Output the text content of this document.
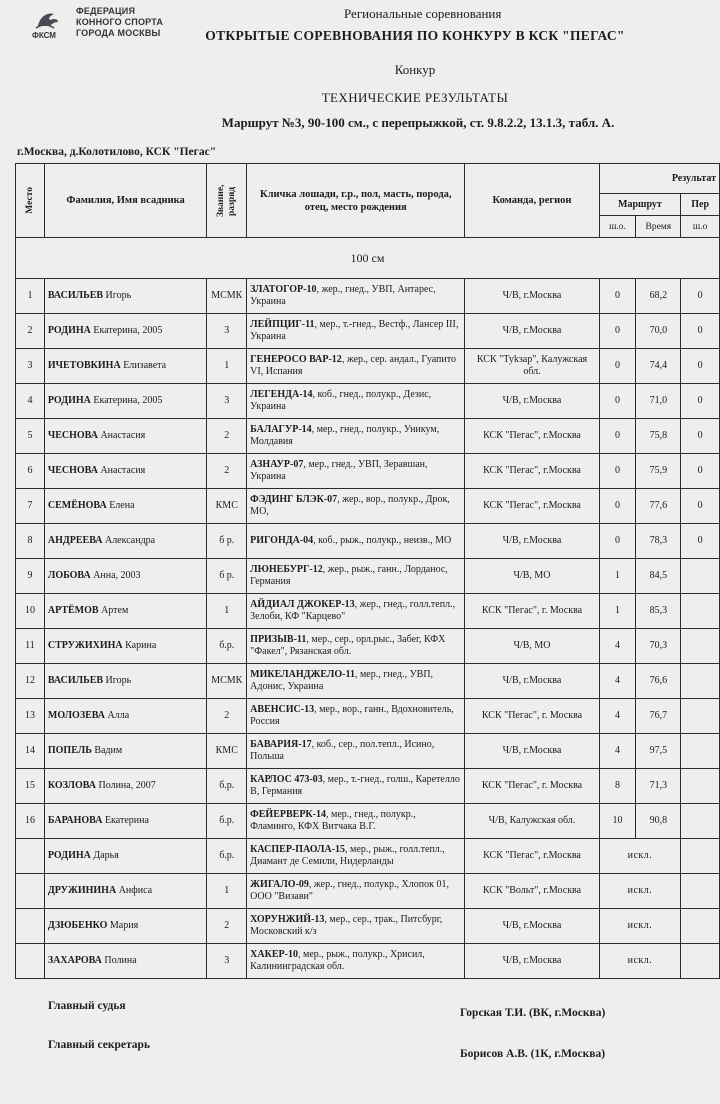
ФКСМ
ФЕДЕРАЦИЯ
КОННОГО СПОРТА
ГОРОДА МОСКВЫ
Региональные соревнования
ОТКРЫТЫЕ СОРЕВНОВАНИЯ ПО КОНКУРУ В КСК "ПЕГАС"
Конкур
ТЕХНИЧЕСКИЕ РЕЗУЛЬТАТЫ
Маршрут №3, 90-100 см., с перепрыжкой, ст. 9.8.2.2, 13.1.3, табл. А.
г.Москва, д.Колотилово, КСК "Пегас"
Место	Фамилия, Имя всадника	Звание, разряд	Кличка лошади, г.р., пол, масть, порода, отец, место рождения	Команда, регион	Результат		
					Маршрут		Пер
					ш.о.	Время	ш.о
100 см							
1	ВАСИЛЬЕВ Игорь	МСМК	ЗЛАТОГОР-10, жер., гнед., УВП, Антарес, Украина	Ч/В, г.Москва	0	68,2	0
2	РОДИНА Екатерина, 2005	3	ЛЕЙПЦИГ-11, мер., т.-гнед., Вестф., Лансер III, Украина	Ч/В, г.Москва	0	70,0	0
3	ИЧЕТОВКИНА Елизавета	1	ГЕНЕРОСО ВАР-12, жер., сер. андал., Гуапито VI, Испания	КСК "Туkзар", Калужская обл.	0	74,4	0
4	РОДИНА Екатерина, 2005	3	ЛЕГЕНДА-14, коб., гнед., полукр., Дезис, Украина	Ч/В, г.Москва	0	71,0	0
5	ЧЕСНОВА Анастасия	2	БАЛАГУР-14, мер., гнед., полукр., Уникум, Молдавия	КСК "Пегас", г.Москва	0	75,8	0
6	ЧЕСНОВА Анастасия	2	АЗНАУР-07, мер., гнед., УВП, Зеравшан, Украина	КСК "Пегас", г.Москва	0	75,9	0
7	СЕМЁНОВА Елена	КМС	ФЭДИНГ БЛЭК-07, жер., вор., полукр., Дрок, МО,	КСК "Пегас", г.Москва	0	77,6	0
8	АНДРЕЕВА Александра	б р.	РИГОНДА-04, коб., рыж., полукр., неизв., МО	Ч/В, г.Москва	0	78,3	0
9	ЛОБОВА Анна, 2003	б р.	ЛЮНЕБУРГ-12, жер., рыж., ганн., Лорданос, Германия	Ч/В, МО	1	84,5	
10	АРТЁМОВ Артем	1	АЙДИАЛ ДЖОКЕР-13, жер., гнед., голл.тепл., Зелоби, КФ "Карцево"	КСК "Пегас", г. Москва	1	85,3	
11	СТРУЖИХИНА Карина	б.р.	ПРИЗЫВ-11, мер., сер., орл.рыс., Забег, КФХ "Факел", Рязанская обл.	Ч/В, МО	4	70,3	
12	ВАСИЛЬЕВ Игорь	МСМК	МИКЕЛАНДЖЕЛО-11, мер., гнед., УВП, Адонис, Украина	Ч/В, г.Москва	4	76,6	
13	МОЛОЗЕВА Алла	2	АВЕНСИС-13, мер., вор., ганн., Вдохновитель, Россия	КСК "Пегас", г. Москва	4	76,7	
14	ПОПЕЛЬ Вадим	КМС	БАВАРИЯ-17, коб., сер., пол.тепл., Исино, Польша	Ч/В, г.Москва	4	97,5	
15	КОЗЛОВА Полина, 2007	б.р.	КАРЛОС 473-03, мер., т.-гнед., голш., Каретелло В, Германия	КСК "Пегас", г. Москва	8	71,3	
16	БАРАНОВА Екатерина	б.р.	ФЕЙЕРВЕРК-14, мер., гнед., полукр., Фламинго, КФХ Витчака В.Г.	Ч/В, Калужская обл.	10	90,8	
	РОДИНА Дарья	б.р.	КАСПЕР-ПАОЛА-15, мер., рыж., голл.тепл., Диамант де Семили, Нидерланды	КСК "Пегас", г.Москва	искл.		
	ДРУЖИНИНА Анфиса	1	ЖИГАЛО-09, жер., гнед., полукр., Хлопок 01, ООО "Визави"	КСК "Вольт", г.Москва	искл.		
	ДЗЮБЕНКО Мария	2	ХОРУНЖИЙ-13, мер., сер., трак., Питсбург, Московский к/з	Ч/В, г.Москва	искл.		
	ЗАХАРОВА Полина	3	ХАКЕР-10, мер., рыж., полукр., Хрисил, Калининградская обл.	Ч/В, г.Москва	искл.		
Главный судья
Горская Т.И. (ВК, г.Москва)
Главный секретарь
Борисов А.В. (1К, г.Москва)
